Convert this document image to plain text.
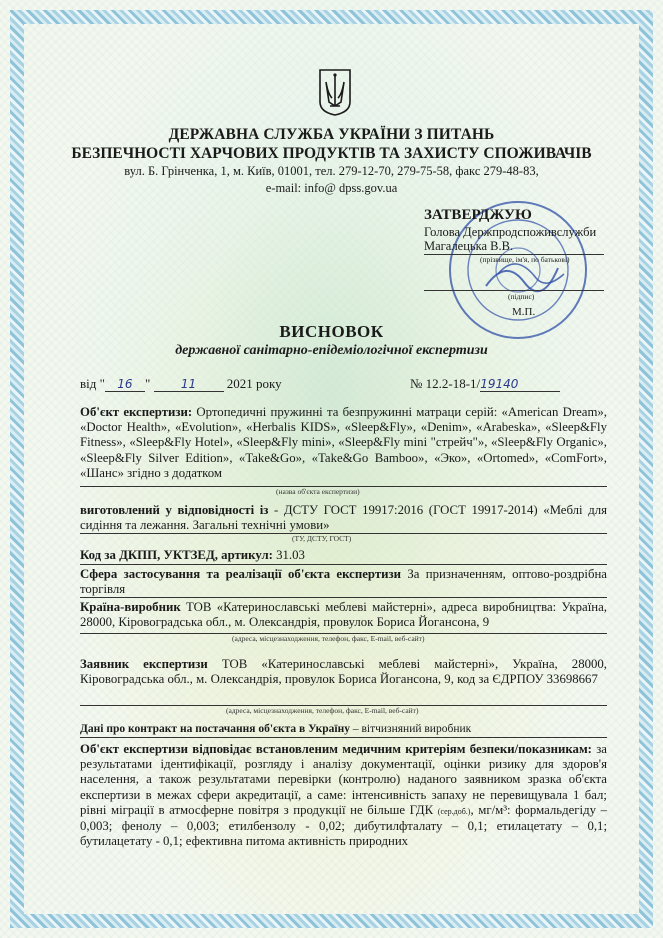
ДЕРЖАВНА СЛУЖБА УКРАЇНИ З ПИТАНЬ
БЕЗПЕЧНОСТІ ХАРЧОВИХ ПРОДУКТІВ ТА ЗАХИСТУ СПОЖИВАЧІВ
вул. Б. Грінченка, 1, м. Київ, 01001, тел. 279-12-70, 279-75-58, факс 279-48-83,
e-mail: info@ dpss.gov.ua
ЗАТВЕРДЖУЮ
Голова Держпродспоживслужби
Магалецька В.В.
(прізвище, ім'я, по батькові)
(підпис)
М.П.
ВИСНОВОК
державної санітарно-епідеміологічної експертизи
від " 16 " 11 2021 року	№ 12.2-18-1/19140
Об'єкт експертизи: Ортопедичні пружинні та безпружинні матраци серій: «American Dream», «Doctor Health», «Evolution», «Herbalis KIDS», «Sleep&Fly», «Denim», «Arabeska», «Sleep&Fly Fitness», «Sleep&Fly Hotel», «Sleep&Fly mini», «Sleep&Fly mini "стрейч"», «Sleep&Fly Organic», «Sleep&Fly Silver Edition», «Take&Go», «Take&Go Bamboo», «Эко», «Ortomed», «ComFort», «Шанс» згідно з додатком
(назва об'єкта експертизи)
виготовлений у відповідності із - ДСТУ ГОСТ 19917:2016 (ГОСТ 19917-2014) «Меблі для сидіння та лежання. Загальні технічні умови»
(ТУ, ДСТУ, ГОСТ)
Код за ДКПП, УКТЗЕД, артикул: 31.03
Сфера застосування та реалізації об'єкта експертизи За призначенням, оптово-роздрібна торгівля
Країна-виробник ТОВ «Катеринославські меблеві майстерні», адреса виробництва: Україна, 28000, Кіровоградська обл., м. Олександрія, провулок Бориса Йогансона, 9
(адреса, місцезнаходження, телефон, факс, E-mail, веб-сайт)
Заявник експертизи ТОВ «Катеринославські меблеві майстерні», Україна, 28000, Кіровоградська обл., м. Олександрія, провулок Бориса Йогансона, 9, код за ЄДРПОУ 33698667
(адреса, місцезнаходження, телефон, факс, E-mail, веб-сайт)
Дані про контракт на постачання об'єкта в Україну – вітчизняний виробник
Об'єкт експертизи відповідає встановленим медичним критеріям безпеки/показникам: за результатами ідентифікації, розгляду і аналізу документації, оцінки ризику для здоров'я населення, а також результатами перевірки (контролю) наданого заявником зразка об'єкта експертизи в межах сфери акредитації, а саме: інтенсивність запаху не перевищувала 1 бал; рівні міграції в атмосферне повітря з продукції не більше ГДК (сер.доб.), мг/м³: формальдегіду – 0,003; фенолу – 0,003; етилбензолу - 0,02; дибутилфталату – 0,1; етилацетату – 0,1; бутилацетату - 0,1; ефективна питома активність природних
